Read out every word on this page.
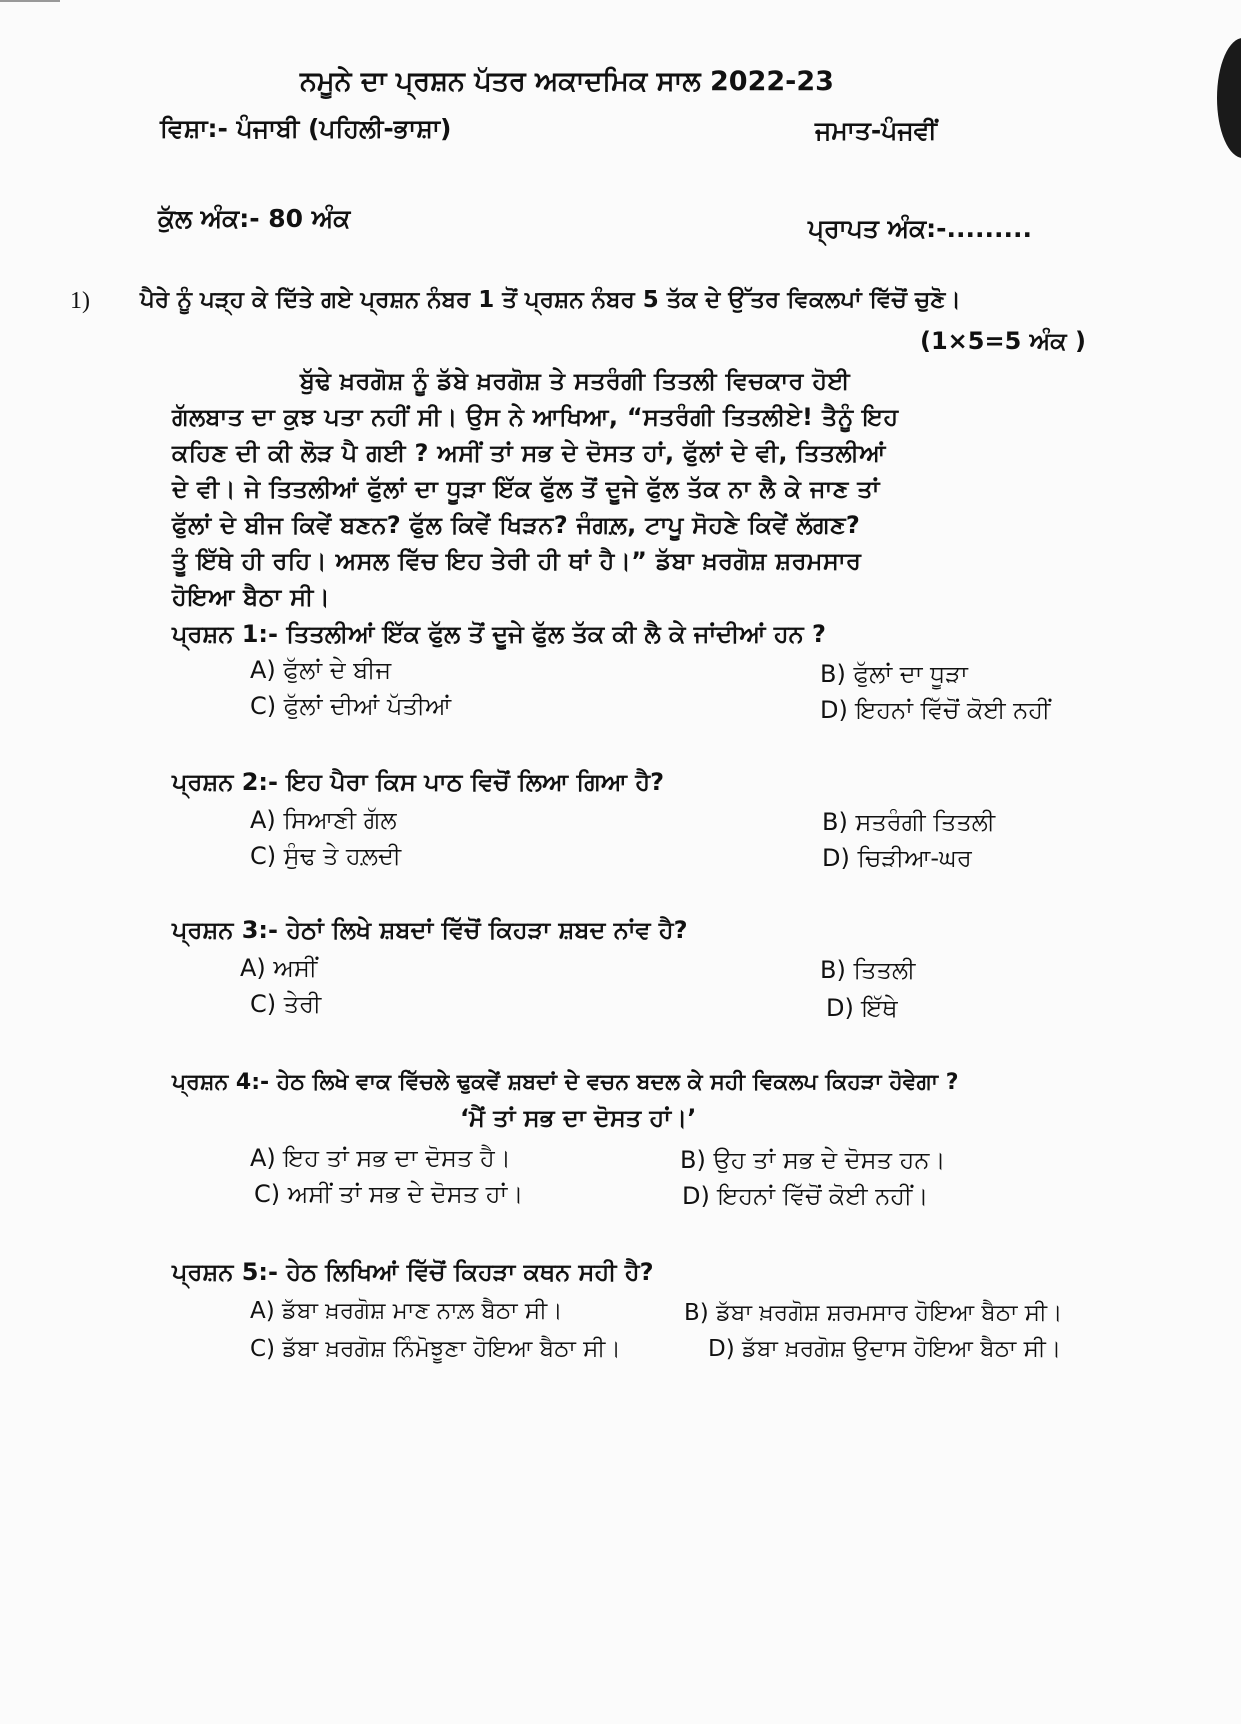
ਨਮੂਨੇ ਦਾ ਪ੍ਰਸ਼ਨ ਪੱਤਰ ਅਕਾਦਮਿਕ ਸਾਲ 2022-23
ਵਿਸ਼ਾ:- ਪੰਜਾਬੀ (ਪਹਿਲੀ-ਭਾਸ਼ਾ)	ਜਮਾਤ-ਪੰਜਵੀਂ
ਕੁੱਲ ਅੰਕ:- 80 ਅੰਕ	ਪ੍ਰਾਪਤ ਅੰਕ:-.........
1) ਪੈਰੇ ਨੂੰ ਪੜ੍ਹ ਕੇ ਦਿੱਤੇ ਗਏ ਪ੍ਰਸ਼ਨ ਨੰਬਰ 1 ਤੋਂ ਪ੍ਰਸ਼ਨ ਨੰਬਰ 5 ਤੱਕ ਦੇ ਉੱਤਰ ਵਿਕਲਪਾਂ ਵਿੱਚੋਂ ਚੁਣੋ।
(1×5=5 ਅੰਕ )
ਬੁੱਢੇ ਖ਼ਰਗੋਸ਼ ਨੂੰ ਡੱਬੇ ਖ਼ਰਗੋਸ਼ ਤੇ ਸਤਰੰਗੀ ਤਿਤਲੀ ਵਿਚਕਾਰ ਹੋਈ
ਗੱਲਬਾਤ ਦਾ ਕੁਝ ਪਤਾ ਨਹੀਂ ਸੀ। ਉਸ ਨੇ ਆਖਿਆ, “ਸਤਰੰਗੀ ਤਿਤਲੀਏ! ਤੈਨੂੰ ਇਹ
ਕਹਿਣ ਦੀ ਕੀ ਲੋੜ ਪੈ ਗਈ ? ਅਸੀਂ ਤਾਂ ਸਭ ਦੇ ਦੋਸਤ ਹਾਂ, ਫੁੱਲਾਂ ਦੇ ਵੀ, ਤਿਤਲੀਆਂ
ਦੇ ਵੀ। ਜੇ ਤਿਤਲੀਆਂ ਫੁੱਲਾਂ ਦਾ ਧੂੜਾ ਇੱਕ ਫੁੱਲ ਤੋਂ ਦੂਜੇ ਫੁੱਲ ਤੱਕ ਨਾ ਲੈ ਕੇ ਜਾਣ ਤਾਂ
ਫੁੱਲਾਂ ਦੇ ਬੀਜ ਕਿਵੇਂ ਬਣਨ? ਫੁੱਲ ਕਿਵੇਂ ਖਿੜਨ? ਜੰਗਲ਼, ਟਾਪੂ ਸੋਹਣੇ ਕਿਵੇਂ ਲੱਗਣ?
ਤੂੰ ਇੱਥੇ ਹੀ ਰਹਿ। ਅਸਲ ਵਿੱਚ ਇਹ ਤੇਰੀ ਹੀ ਥਾਂ ਹੈ।” ਡੱਬਾ ਖ਼ਰਗੋਸ਼ ਸ਼ਰਮਸਾਰ
ਹੋਇਆ ਬੈਠਾ ਸੀ।
ਪ੍ਰਸ਼ਨ 1:- ਤਿਤਲੀਆਂ ਇੱਕ ਫੁੱਲ ਤੋਂ ਦੂਜੇ ਫੁੱਲ ਤੱਕ ਕੀ ਲੈ ਕੇ ਜਾਂਦੀਆਂ ਹਨ ?
A) ਫੁੱਲਾਂ ਦੇ ਬੀਜ	B) ਫੁੱਲਾਂ ਦਾ ਧੂੜਾ
C) ਫੁੱਲਾਂ ਦੀਆਂ ਪੱਤੀਆਂ	D) ਇਹਨਾਂ ਵਿੱਚੋਂ ਕੋਈ ਨਹੀਂ
ਪ੍ਰਸ਼ਨ 2:- ਇਹ ਪੈਰਾ ਕਿਸ ਪਾਠ ਵਿਚੋਂ ਲਿਆ ਗਿਆ ਹੈ?
A) ਸਿਆਣੀ ਗੱਲ	B) ਸਤਰੰਗੀ ਤਿਤਲੀ
C) ਸੁੰਢ ਤੇ ਹਲ਼ਦੀ	D) ਚਿੜੀਆ-ਘਰ
ਪ੍ਰਸ਼ਨ 3:- ਹੇਠਾਂ ਲਿਖੇ ਸ਼ਬਦਾਂ ਵਿੱਚੋਂ ਕਿਹੜਾ ਸ਼ਬਦ ਨਾਂਵ ਹੈ?
A) ਅਸੀਂ	B) ਤਿਤਲੀ
C) ਤੇਰੀ	D) ਇੱਥੇ
ਪ੍ਰਸ਼ਨ 4:- ਹੇਠ ਲਿਖੇ ਵਾਕ ਵਿੱਚਲੇ ਢੁਕਵੇਂ ਸ਼ਬਦਾਂ ਦੇ ਵਚਨ ਬਦਲ ਕੇ ਸਹੀ ਵਿਕਲਪ ਕਿਹੜਾ ਹੋਵੇਗਾ ?
‘ਮੈਂ ਤਾਂ ਸਭ ਦਾ ਦੋਸਤ ਹਾਂ।’
A) ਇਹ ਤਾਂ ਸਭ ਦਾ ਦੋਸਤ ਹੈ।	B) ਉਹ ਤਾਂ ਸਭ ਦੇ ਦੋਸਤ ਹਨ।
C) ਅਸੀਂ ਤਾਂ ਸਭ ਦੇ ਦੋਸਤ ਹਾਂ।	D) ਇਹਨਾਂ ਵਿੱਚੋਂ ਕੋਈ ਨਹੀਂ।
ਪ੍ਰਸ਼ਨ 5:- ਹੇਠ ਲਿਖਿਆਂ ਵਿੱਚੋਂ ਕਿਹੜਾ ਕਥਨ ਸਹੀ ਹੈ?
A) ਡੱਬਾ ਖ਼ਰਗੋਸ਼ ਮਾਣ ਨਾਲ਼ ਬੈਠਾ ਸੀ।	B) ਡੱਬਾ ਖ਼ਰਗੋਸ਼ ਸ਼ਰਮਸਾਰ ਹੋਇਆ ਬੈਠਾ ਸੀ।
C) ਡੱਬਾ ਖ਼ਰਗੋਸ਼ ਨਿੰਮੋਝੂਣਾ ਹੋਇਆ ਬੈਠਾ ਸੀ।	D) ਡੱਬਾ ਖ਼ਰਗੋਸ਼ ਉਦਾਸ ਹੋਇਆ ਬੈਠਾ ਸੀ।
